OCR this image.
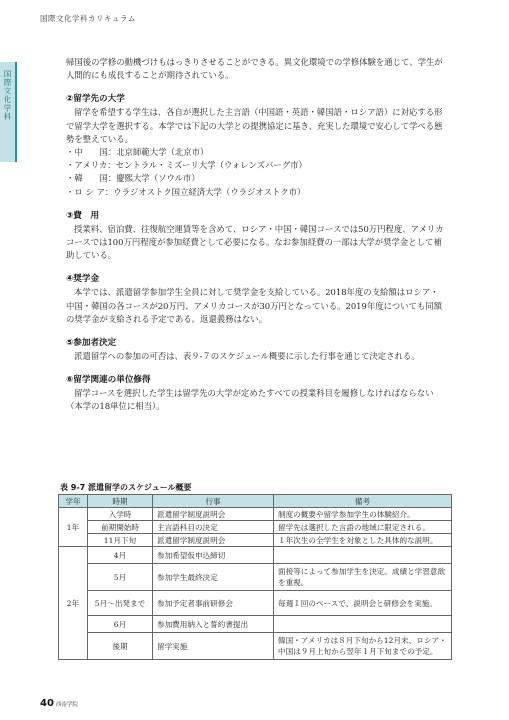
国際文化学科カリキュラム
国際文化学科

帰国後の学修の動機づけもはっきりさせることができる。異文化環境での学修体験を通じて、学生が人間的にも成長することが期待されている。

②留学先の大学

留学を希望する学生は、各自が選択した主言語（中国語・英語・韓国語・ロシア語）に対応する形で留学大学を選択する。本学では下記の大学との提携協定に基き、充実した環境で安心して学べる態勢を整えている。

・中　　国：北京師範大学（北京市）
・アメリカ：セントラル・ミズーリ大学（ウォレンズバーグ市）
・韓　　国：慶熙大学（ソウル市）
・ロ シ ア：ウラジオストク国立経済大学（ウラジオストク市）
③費　用

授業料、宿泊費、往復航空運賃等を含めて、ロシア・中国・韓国コースでは50万円程度、アメリカコースでは100万円程度が参加経費として必要になる。なお参加経費の一部は大学が奨学金として補助している。

④奨学金

本学では、派遣留学参加学生全員に対して奨学金を支給している。2018年度の支給額はロシア・中国・韓国の各コースが20万円、アメリカコースが30万円となっている。2019年度についても同額の奨学金が支給される予定である。返還義務はない。

⑤参加者決定

派遣留学への参加の可否は、表９-７のスケジュール概要に示した行事を通じて決定される。

⑥留学関連の単位修得

留学コースを選択した学生は留学先の大学が定めたすべての授業科目を履修しなければならない（本学の18単位に相当）。

表 9-7 派遣留学のスケジュール概要
学年	時期	行事	備考
1年	入学時	派遣留学制度説明会	制度の概要や留学参加学生の体験紹介。
	前期開始時	主言語科目の決定	留学先は選択した言語の地域に限定される。
	11月下旬	派遣留学制度説明会	１年次生の全学生を対象とした具体的な説明。
2年	4月	参加希望仮申込締切	
	5月	参加学生最終決定	面接等によって参加学生を決定。成績と学習意欲を重視。
	5月～出発まで	参加予定者事前研修会	毎週１回のペースで、説明会と研修会を実施。
	6月	参加費用納入と誓約書提出	
	後期	留学実施	韓国・アメリカは８月下旬から12月末、ロシア・中国は９月上旬から翌年１月下旬までの予定。
40 西南学院
